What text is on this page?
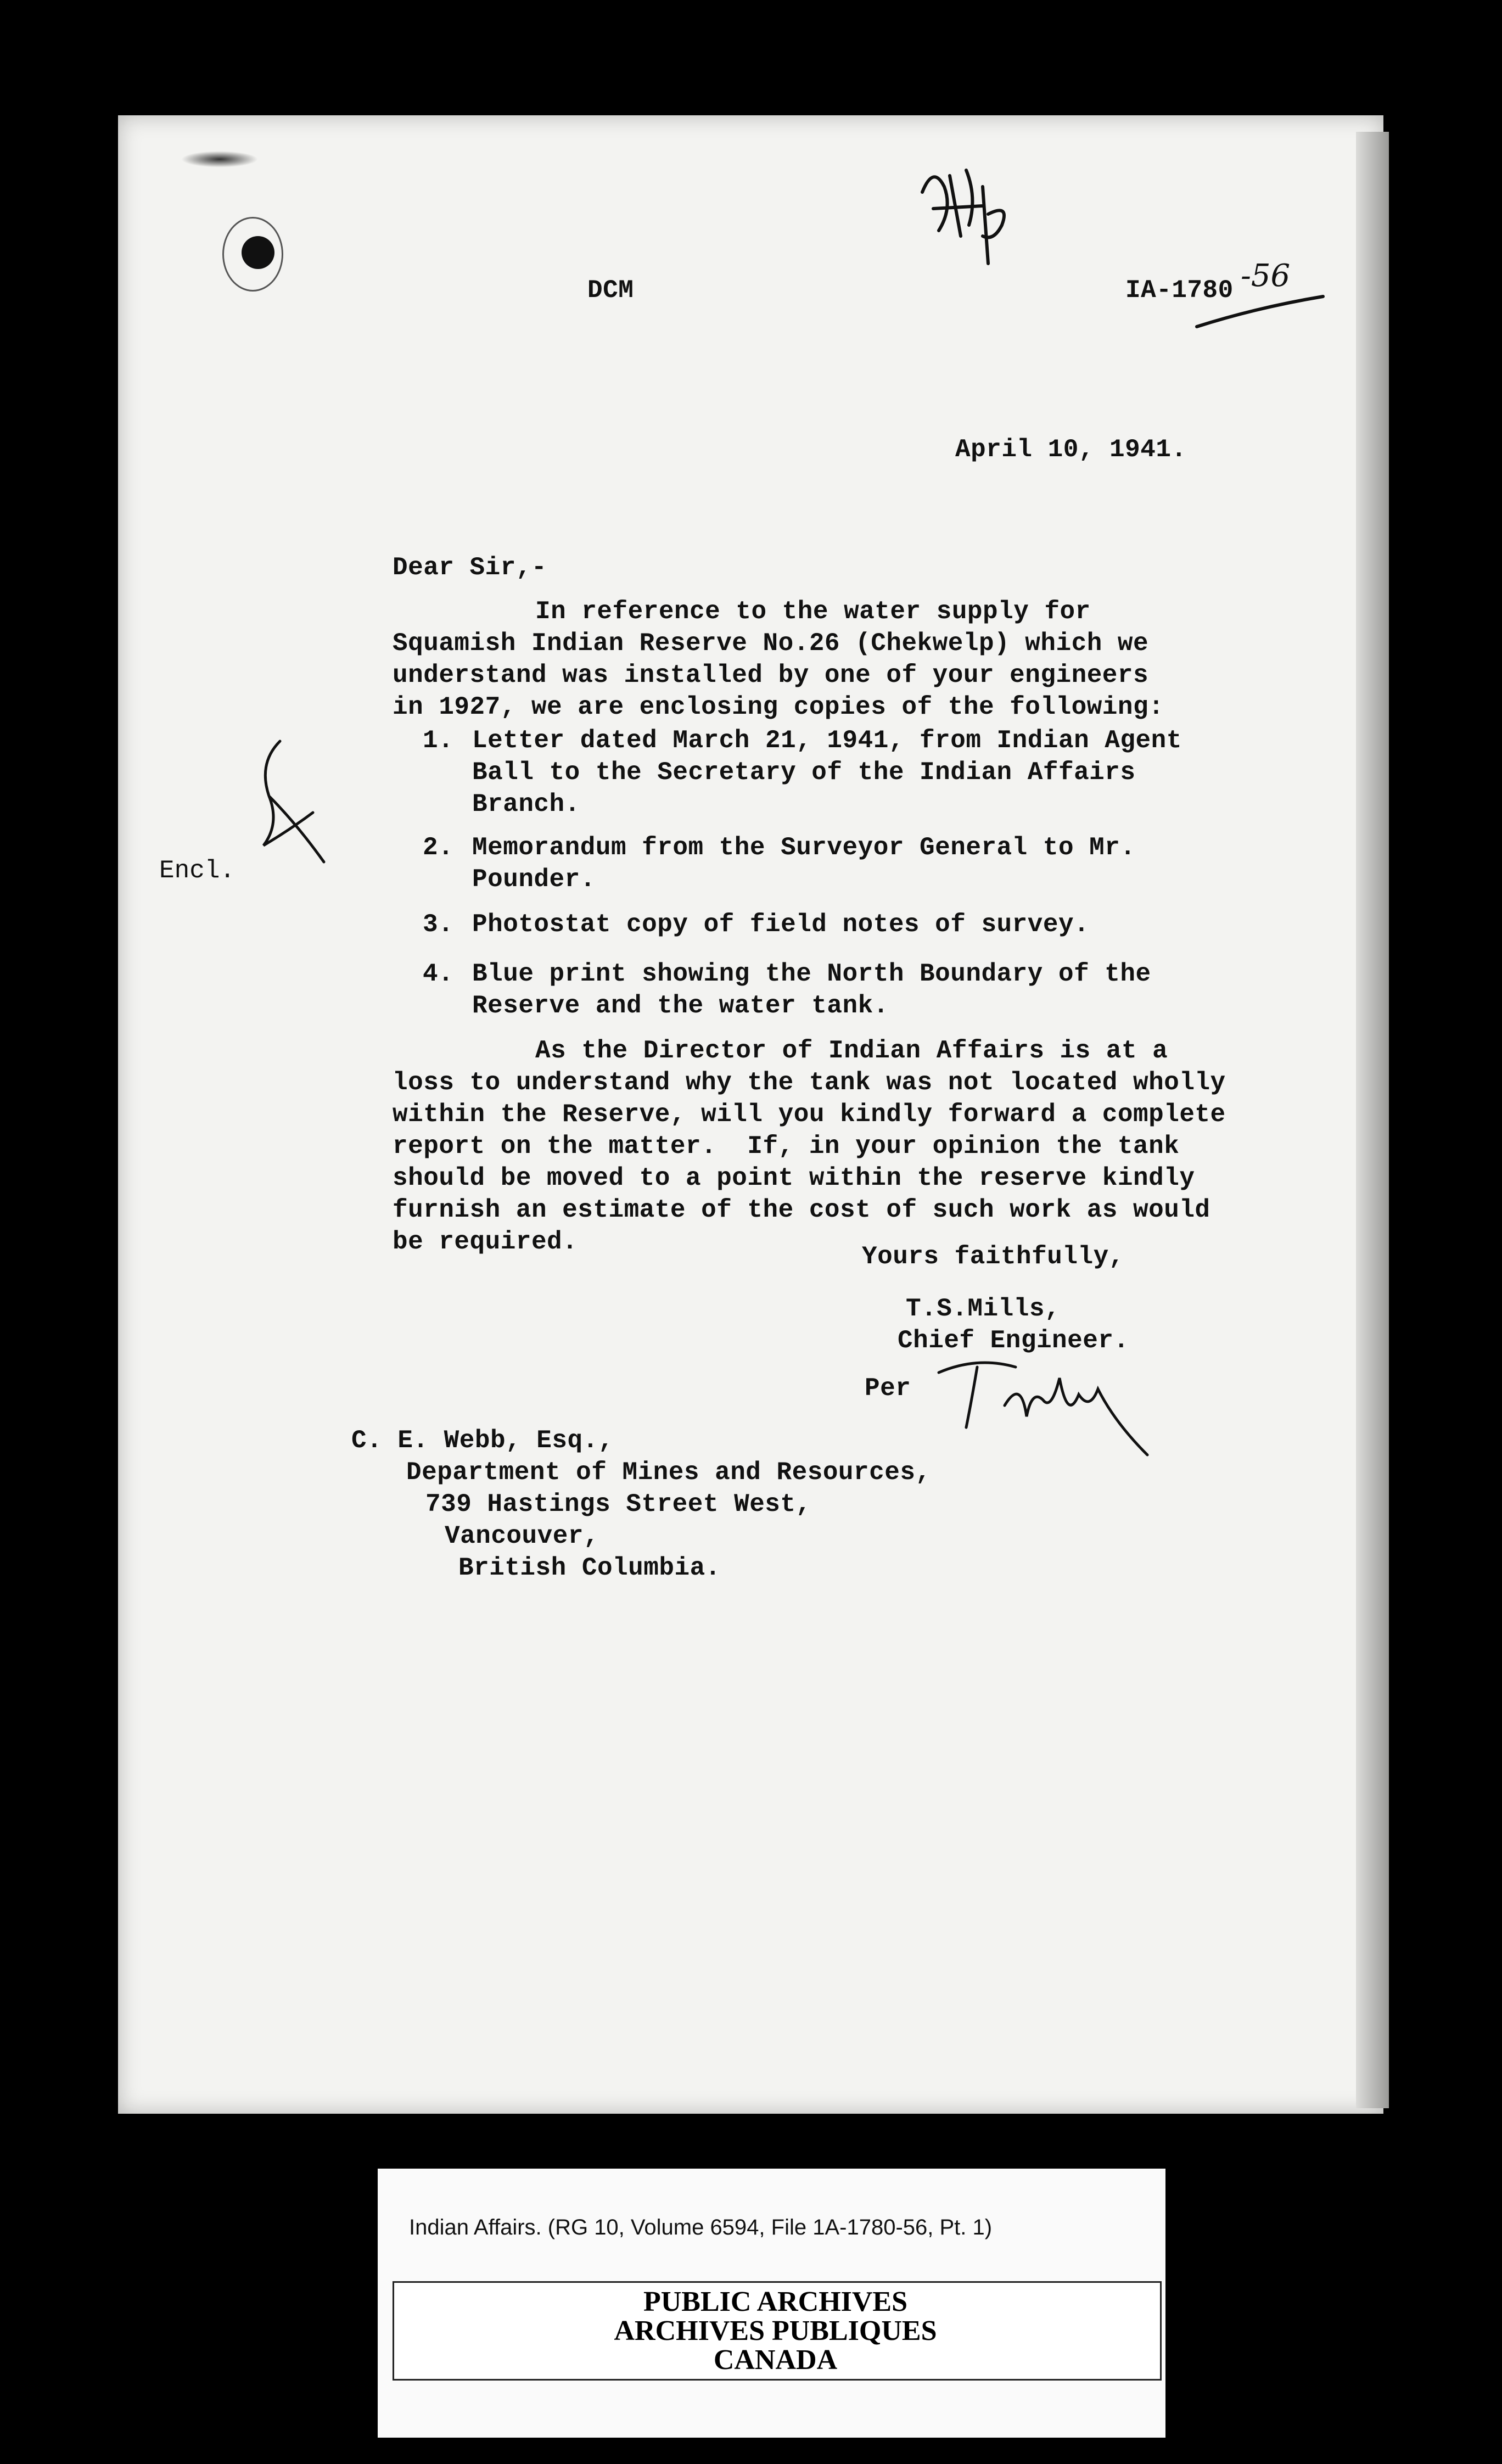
DCM	IA-1780 -56
April 10, 1941.
Dear Sir,-
In reference to the water supply for
Squamish Indian Reserve No.26 (Chekwelp) which we
understand was installed by one of your engineers
in 1927, we are enclosing copies of the following:
1. Letter dated March 21, 1941, from Indian Agent
Ball to the Secretary of the Indian Affairs
Branch.
2. Memorandum from the Surveyor General to Mr.
Pounder.
3. Photostat copy of field notes of survey.
4. Blue print showing the North Boundary of the
Reserve and the water tank.
Encl.
As the Director of Indian Affairs is at a
loss to understand why the tank was not located wholly
within the Reserve, will you kindly forward a complete
report on the matter.  If, in your opinion the tank
should be moved to a point within the reserve kindly
furnish an estimate of the cost of such work as would
be required.
Yours faithfully,
T.S.Mills,
Chief Engineer.
Per
C. E. Webb, Esq.,
Department of Mines and Resources,
739 Hastings Street West,
Vancouver,
British Columbia.
Indian Affairs. (RG 10, Volume 6594, File 1A-1780-56, Pt. 1)
PUBLIC ARCHIVES
ARCHIVES PUBLIQUES
CANADA
